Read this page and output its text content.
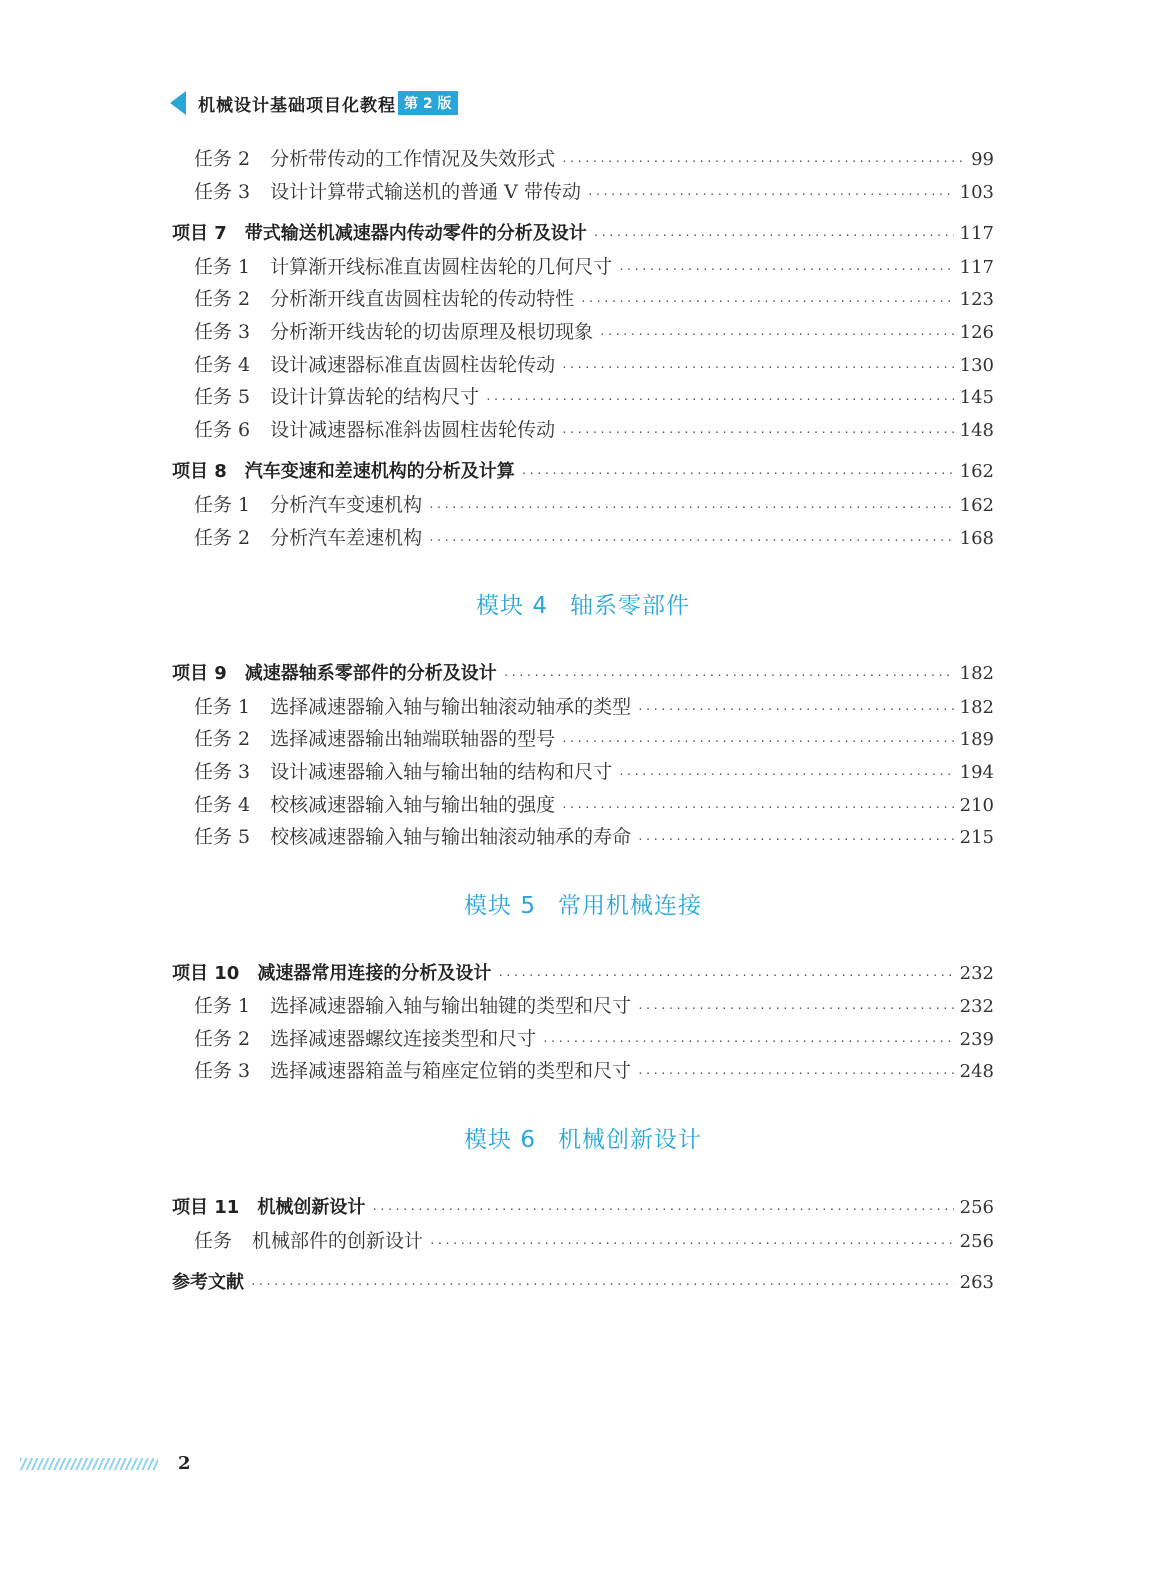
机械设计基础项目化教程 第 2 版
任务 2 分析带传动的工作情况及失效形式 ·····	99
任务 3 设计计算带式输送机的普通 V 带传动 ·····	103
项目 7 带式输送机减速器内传动零件的分析及设计 ·····	117
任务 1 计算渐开线标准直齿圆柱齿轮的几何尺寸 ·····	117
任务 2 分析渐开线直齿圆柱齿轮的传动特性 ·····	123
任务 3 分析渐开线齿轮的切齿原理及根切现象 ·····	126
任务 4 设计减速器标准直齿圆柱齿轮传动 ·····	130
任务 5 设计计算齿轮的结构尺寸 ·····	145
任务 6 设计减速器标准斜齿圆柱齿轮传动 ·····	148
项目 8 汽车变速和差速机构的分析及计算 ·····	162
任务 1 分析汽车变速机构 ·····	162
任务 2 分析汽车差速机构 ·····	168
模块 4 轴系零部件
项目 9 减速器轴系零部件的分析及设计 ·····	182
任务 1 选择减速器输入轴与输出轴滚动轴承的类型 ·····	182
任务 2 选择减速器输出轴端联轴器的型号 ·····	189
任务 3 设计减速器输入轴与输出轴的结构和尺寸 ·····	194
任务 4 校核减速器输入轴与输出轴的强度 ·····	210
任务 5 校核减速器输入轴与输出轴滚动轴承的寿命 ·····	215
模块 5 常用机械连接
项目 10 减速器常用连接的分析及设计 ·····	232
任务 1 选择减速器输入轴与输出轴键的类型和尺寸 ·····	232
任务 2 选择减速器螺纹连接类型和尺寸 ·····	239
任务 3 选择减速器箱盖与箱座定位销的类型和尺寸 ·····	248
模块 6 机械创新设计
项目 11 机械创新设计 ·····	256
任务 机械部件的创新设计 ·····	256
参考文献 ·····	263
2
